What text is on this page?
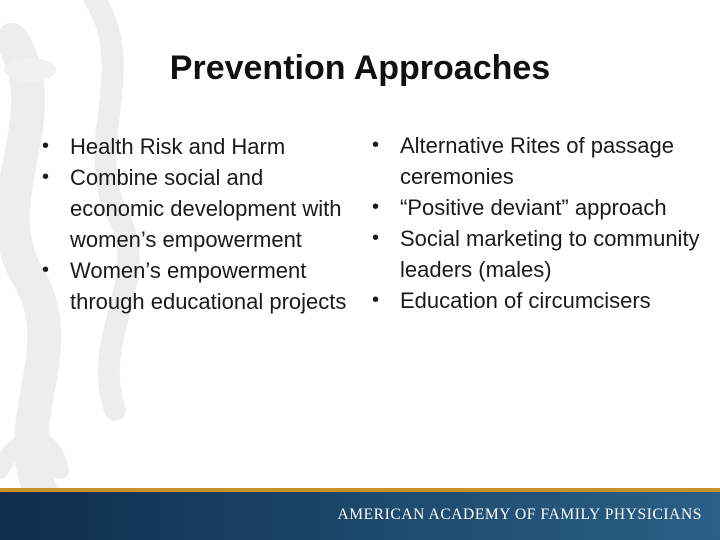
Prevention Approaches
• Health Risk and Harm
• Combine social and economic development with women’s empowerment
• Women’s empowerment through educational projects
• Alternative Rites of passage ceremonies
• “Positive deviant” approach
• Social marketing to community leaders (males)
• Education of circumcisers
AMERICAN ACADEMY OF FAMILY PHYSICIANS
